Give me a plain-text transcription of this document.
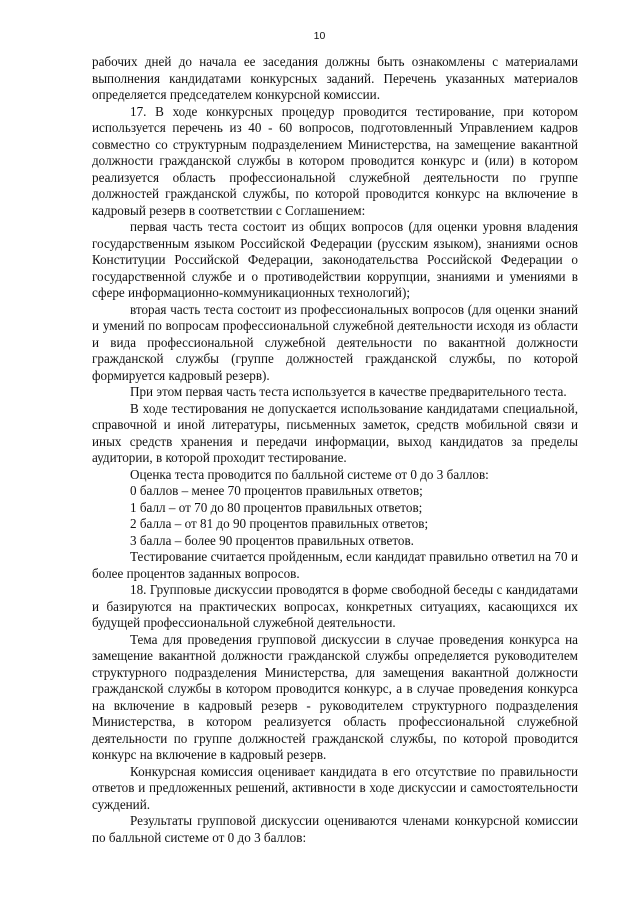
10

рабочих дней до начала ее заседания должны быть ознакомлены с материалами выполнения кандидатами конкурсных заданий. Перечень указанных материалов определяется председателем конкурсной комиссии.

17. В ходе конкурсных процедур проводится тестирование, при котором используется перечень из 40 - 60 вопросов, подготовленный Управлением кадров совместно со структурным подразделением Министерства, на замещение вакантной должности гражданской службы в котором проводится конкурс и (или) в котором реализуется область профессиональной служебной деятельности по группе должностей гражданской службы, по которой проводится конкурс на включение в кадровый резерв в соответствии с Соглашением:

первая часть теста состоит из общих вопросов (для оценки уровня владения государственным языком Российской Федерации (русским языком), знаниями основ Конституции Российской Федерации, законодательства Российской Федерации о государственной службе и о противодействии коррупции, знаниями и умениями в сфере информационно-коммуникационных технологий);

вторая часть теста состоит из профессиональных вопросов (для оценки знаний и умений по вопросам профессиональной служебной деятельности исходя из области и вида профессиональной служебной деятельности по вакантной должности гражданской службы (группе должностей гражданской службы, по которой формируется кадровый резерв).

При этом первая часть теста используется в качестве предварительного теста.

В ходе тестирования не допускается использование кандидатами специальной, справочной и иной литературы, письменных заметок, средств мобильной связи и иных средств хранения и передачи информации, выход кандидатов за пределы аудитории, в которой проходит тестирование.

Оценка теста проводится по балльной системе от 0 до 3 баллов:

0 баллов – менее 70 процентов правильных ответов;

1 балл – от 70 до 80 процентов правильных ответов;

2 балла – от 81 до 90 процентов правильных ответов;

3 балла – более 90 процентов правильных ответов.

Тестирование считается пройденным, если кандидат правильно ответил на 70 и более процентов заданных вопросов.

18. Групповые дискуссии проводятся в форме свободной беседы с кандидатами и базируются на практических вопросах, конкретных ситуациях, касающихся их будущей профессиональной служебной деятельности.

Тема для проведения групповой дискуссии в случае проведения конкурса на замещение вакантной должности гражданской службы определяется руководителем структурного подразделения Министерства, для замещения вакантной должности гражданской службы в котором проводится конкурс, а в случае проведения конкурса на включение в кадровый резерв - руководителем структурного подразделения Министерства, в котором реализуется область профессиональной служебной деятельности по группе должностей гражданской службы, по которой проводится конкурс на включение в кадровый резерв.

Конкурсная комиссия оценивает кандидата в его отсутствие по правильности ответов и предложенных решений, активности в ходе дискуссии и самостоятельности суждений.

Результаты групповой дискуссии оцениваются членами конкурсной комиссии по балльной системе от 0 до 3 баллов:
